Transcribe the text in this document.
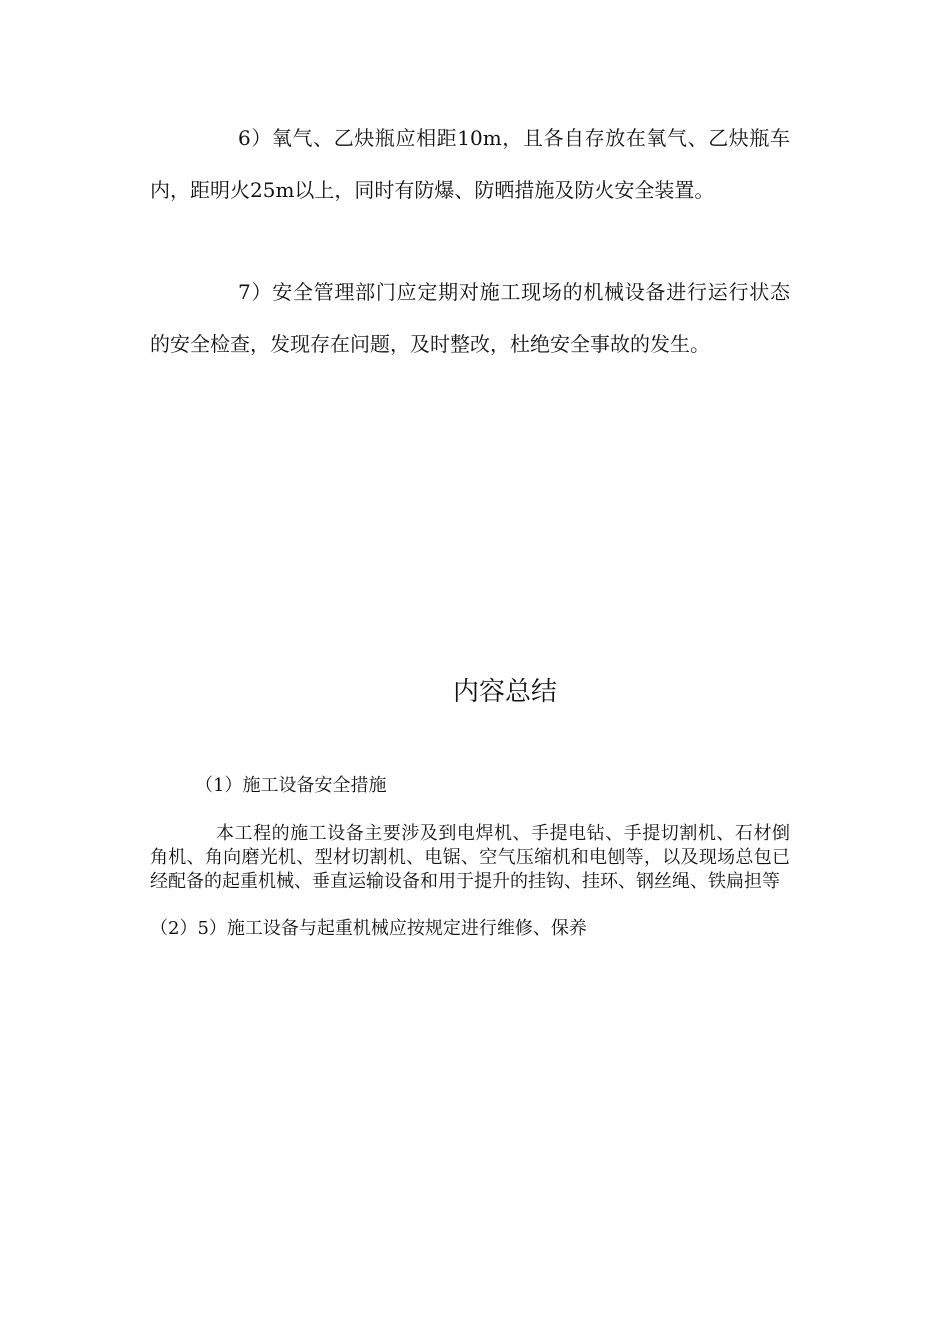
6）氧气、乙炔瓶应相距10m，且各自存放在氧气、乙炔瓶车内，距明火25m以上，同时有防爆、防晒措施及防火安全装置。

7）安全管理部门应定期对施工现场的机械设备进行运行状态的安全检查，发现存在问题，及时整改，杜绝安全事故的发生。

内容总结

（1）施工设备安全措施

本工程的施工设备主要涉及到电焊机、手提电钻、手提切割机、石材倒角机、角向磨光机、型材切割机、电锯、空气压缩机和电刨等，以及现场总包已经配备的起重机械、垂直运输设备和用于提升的挂钩、挂环、钢丝绳、铁扁担等

（2）5）施工设备与起重机械应按规定进行维修、保养
